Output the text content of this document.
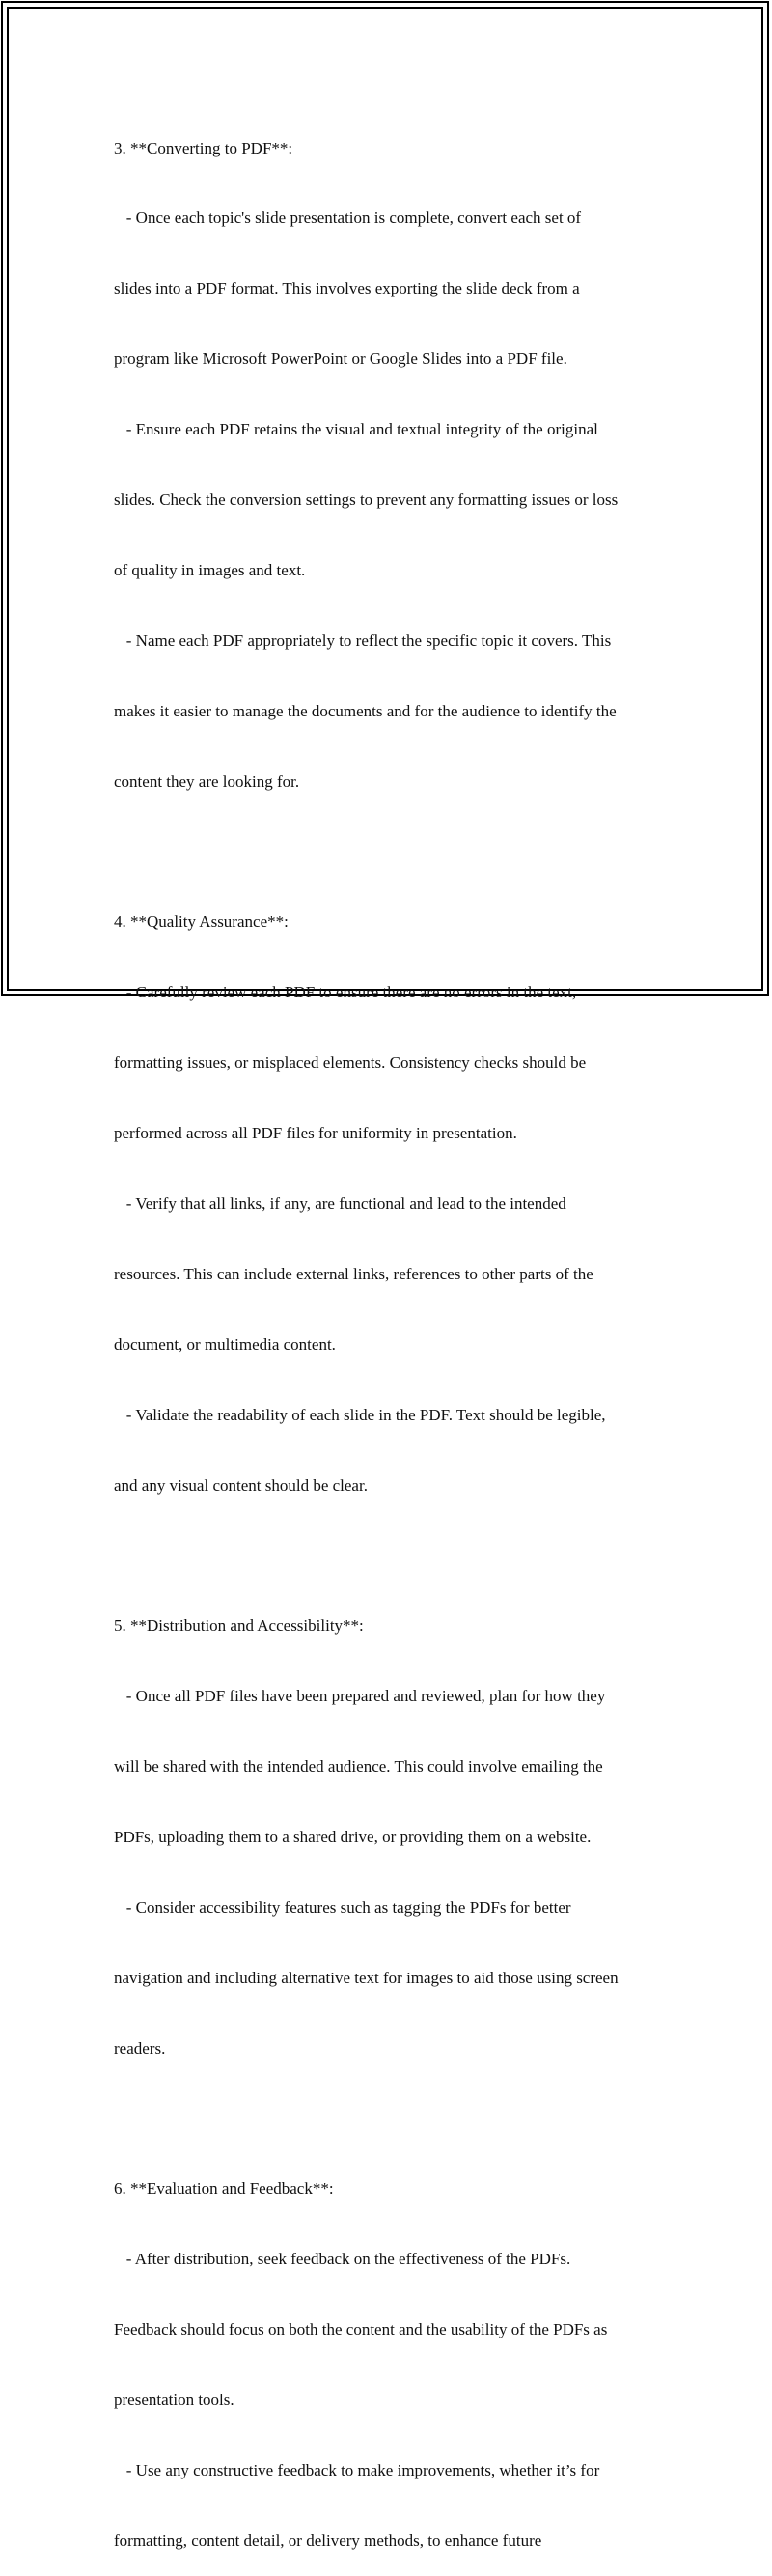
3. **Converting to PDF**:

- Once each topic's slide presentation is complete, convert each set of

slides into a PDF format. This involves exporting the slide deck from a

program like Microsoft PowerPoint or Google Slides into a PDF file.

- Ensure each PDF retains the visual and textual integrity of the original

slides. Check the conversion settings to prevent any formatting issues or loss

of quality in images and text.

- Name each PDF appropriately to reflect the specific topic it covers. This

makes it easier to manage the documents and for the audience to identify the

content they are looking for.

4. **Quality Assurance**:

- Carefully review each PDF to ensure there are no errors in the text,

formatting issues, or misplaced elements. Consistency checks should be

performed across all PDF files for uniformity in presentation.

- Verify that all links, if any, are functional and lead to the intended

resources. This can include external links, references to other parts of the

document, or multimedia content.

- Validate the readability of each slide in the PDF. Text should be legible,

and any visual content should be clear.

5. **Distribution and Accessibility**:

- Once all PDF files have been prepared and reviewed, plan for how they

will be shared with the intended audience. This could involve emailing the

PDFs, uploading them to a shared drive, or providing them on a website.

- Consider accessibility features such as tagging the PDFs for better

navigation and including alternative text for images to aid those using screen

readers.

6. **Evaluation and Feedback**:

- After distribution, seek feedback on the effectiveness of the PDFs.

Feedback should focus on both the content and the usability of the PDFs as

presentation tools.

- Use any constructive feedback to make improvements, whether it’s for

formatting, content detail, or delivery methods, to enhance future
